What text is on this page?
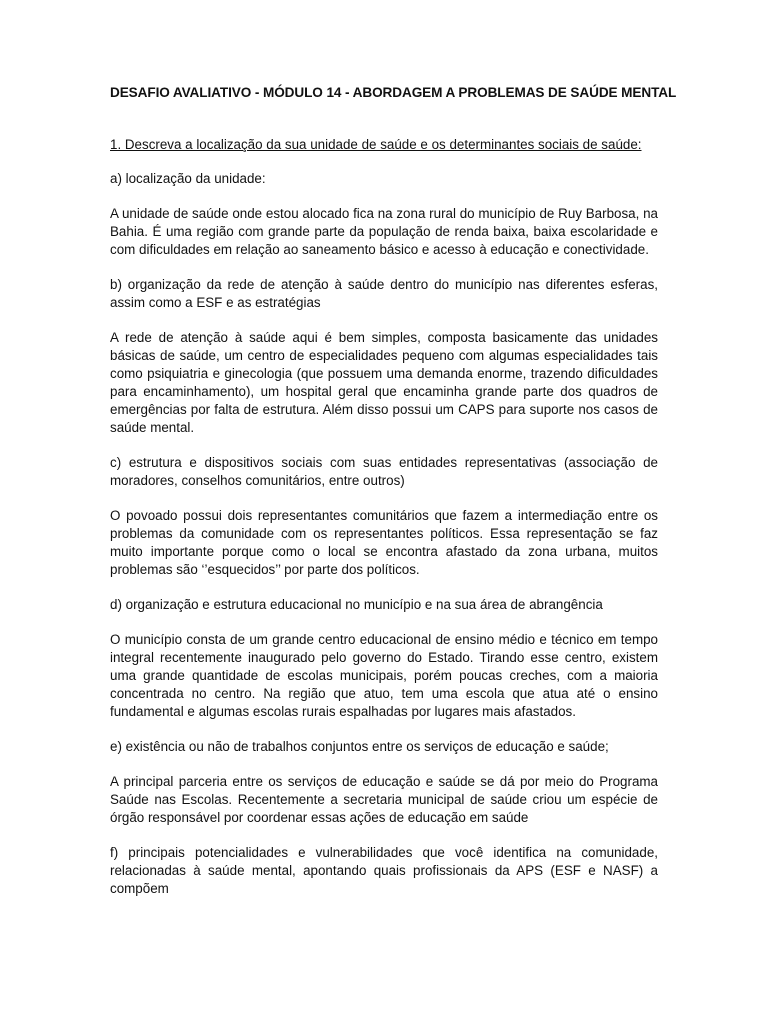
DESAFIO AVALIATIVO - MÓDULO 14 - ABORDAGEM A PROBLEMAS DE SAÚDE MENTAL
1. Descreva a localização da sua unidade de saúde e os determinantes sociais de saúde:

a) localização da unidade:

A unidade de saúde onde estou alocado fica na zona rural do município de Ruy Barbosa, na Bahia. É uma região com grande parte da população de renda baixa, baixa escolaridade e com dificuldades em relação ao saneamento básico e acesso à educação e conectividade.

b) organização da rede de atenção à saúde dentro do município nas diferentes esferas, assim como a ESF e as estratégias

A rede de atenção à saúde aqui é bem simples, composta basicamente das unidades básicas de saúde, um centro de especialidades pequeno com algumas especialidades tais como psiquiatria e ginecologia (que possuem uma demanda enorme, trazendo dificuldades para encaminhamento), um hospital geral que encaminha grande parte dos quadros de emergências por falta de estrutura. Além disso possui um CAPS para suporte nos casos de saúde mental.

c) estrutura e dispositivos sociais com suas entidades representativas (associação de moradores, conselhos comunitários, entre outros)

O povoado possui dois representantes comunitários que fazem a intermediação entre os problemas da comunidade com os representantes políticos. Essa representação se faz muito importante porque como o local se encontra afastado da zona urbana, muitos problemas são ‘’esquecidos’’ por parte dos políticos.

d) organização e estrutura educacional no município e na sua área de abrangência

O município consta de um grande centro educacional de ensino médio e técnico em tempo integral recentemente inaugurado pelo governo do Estado. Tirando esse centro, existem uma grande quantidade de escolas municipais, porém poucas creches, com a maioria concentrada no centro. Na região que atuo, tem uma escola que atua até o ensino fundamental e algumas escolas rurais espalhadas por lugares mais afastados.

e) existência ou não de trabalhos conjuntos entre os serviços de educação e saúde;

A principal parceria entre os serviços de educação e saúde se dá por meio do Programa Saúde nas Escolas. Recentemente a secretaria municipal de saúde criou um espécie de órgão responsável por coordenar essas ações de educação em saúde

f) principais potencialidades e vulnerabilidades que você identifica na comunidade, relacionadas à saúde mental, apontando quais profissionais da APS (ESF e NASF) a compõem
